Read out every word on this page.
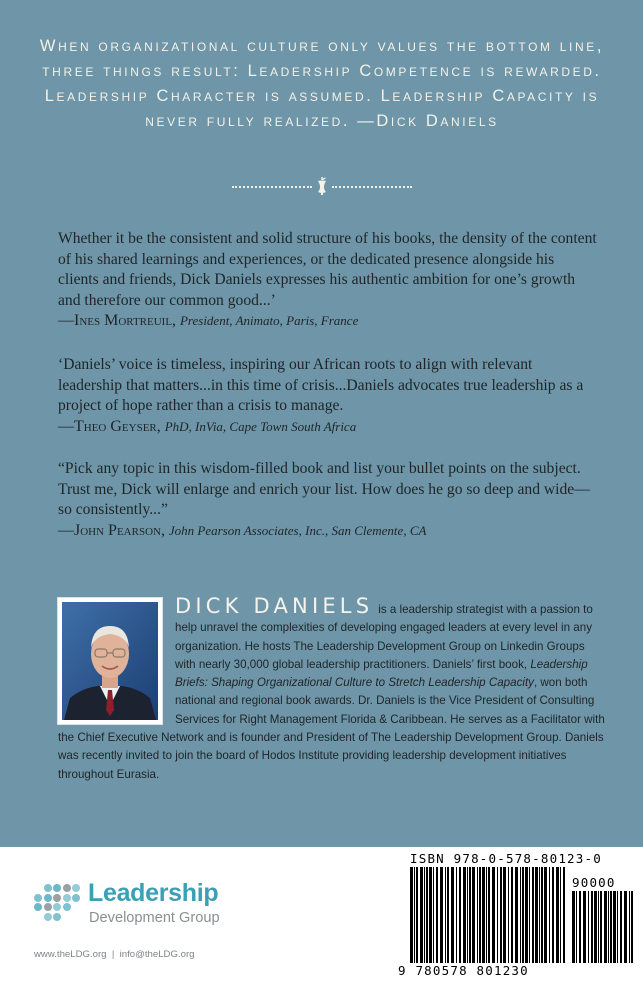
When organizational culture only values the bottom line, three things result: Leadership Competence is rewarded. Leadership Character is assumed. Leadership Capacity is never fully realized. —Dick Daniels

Whether it be the consistent and solid structure of his books, the density of the content of his shared learnings and experiences, or the dedicated presence alongside his clients and friends, Dick Daniels expresses his authentic ambition for one’s growth and therefore our common good...’
—Ines Mortreuil, President, Animato, Paris, France

‘Daniels’ voice is timeless, inspiring our African roots to align with relevant leadership that matters...in this time of crisis...Daniels advocates true leadership as a project of hope rather than a crisis to manage.
—Theo Geyser, PhD, InVia, Cape Town South Africa

“Pick any topic in this wisdom-filled book and list your bullet points on the subject. Trust me, Dick will enlarge and enrich your list. How does he go so deep and wide—so consistently...”
—John Pearson, John Pearson Associates, Inc., San Clemente, CA

DICK DANIELS is a leadership strategist with a passion to help unravel the complexities of developing engaged leaders at every level in any organization. He hosts The Leadership Development Group on Linkedin Groups with nearly 30,000 global leadership practitioners. Daniels’ first book, Leadership Briefs: Shaping Organizational Culture to Stretch Leadership Capacity, won both national and regional book awards. Dr. Daniels is the Vice President of Consulting Services for Right Management Florida & Caribbean. He serves as a Facilitator with the Chief Executive Network and is founder and President of The Leadership Development Group. Daniels was recently invited to join the board of Hodos Institute providing leadership development initiatives throughout Eurasia.

Leadership

Development Group

www.theLDG.org  |  info@theLDG.org

ISBN 978-0-578-80123-0

90000

9 780578 801230
